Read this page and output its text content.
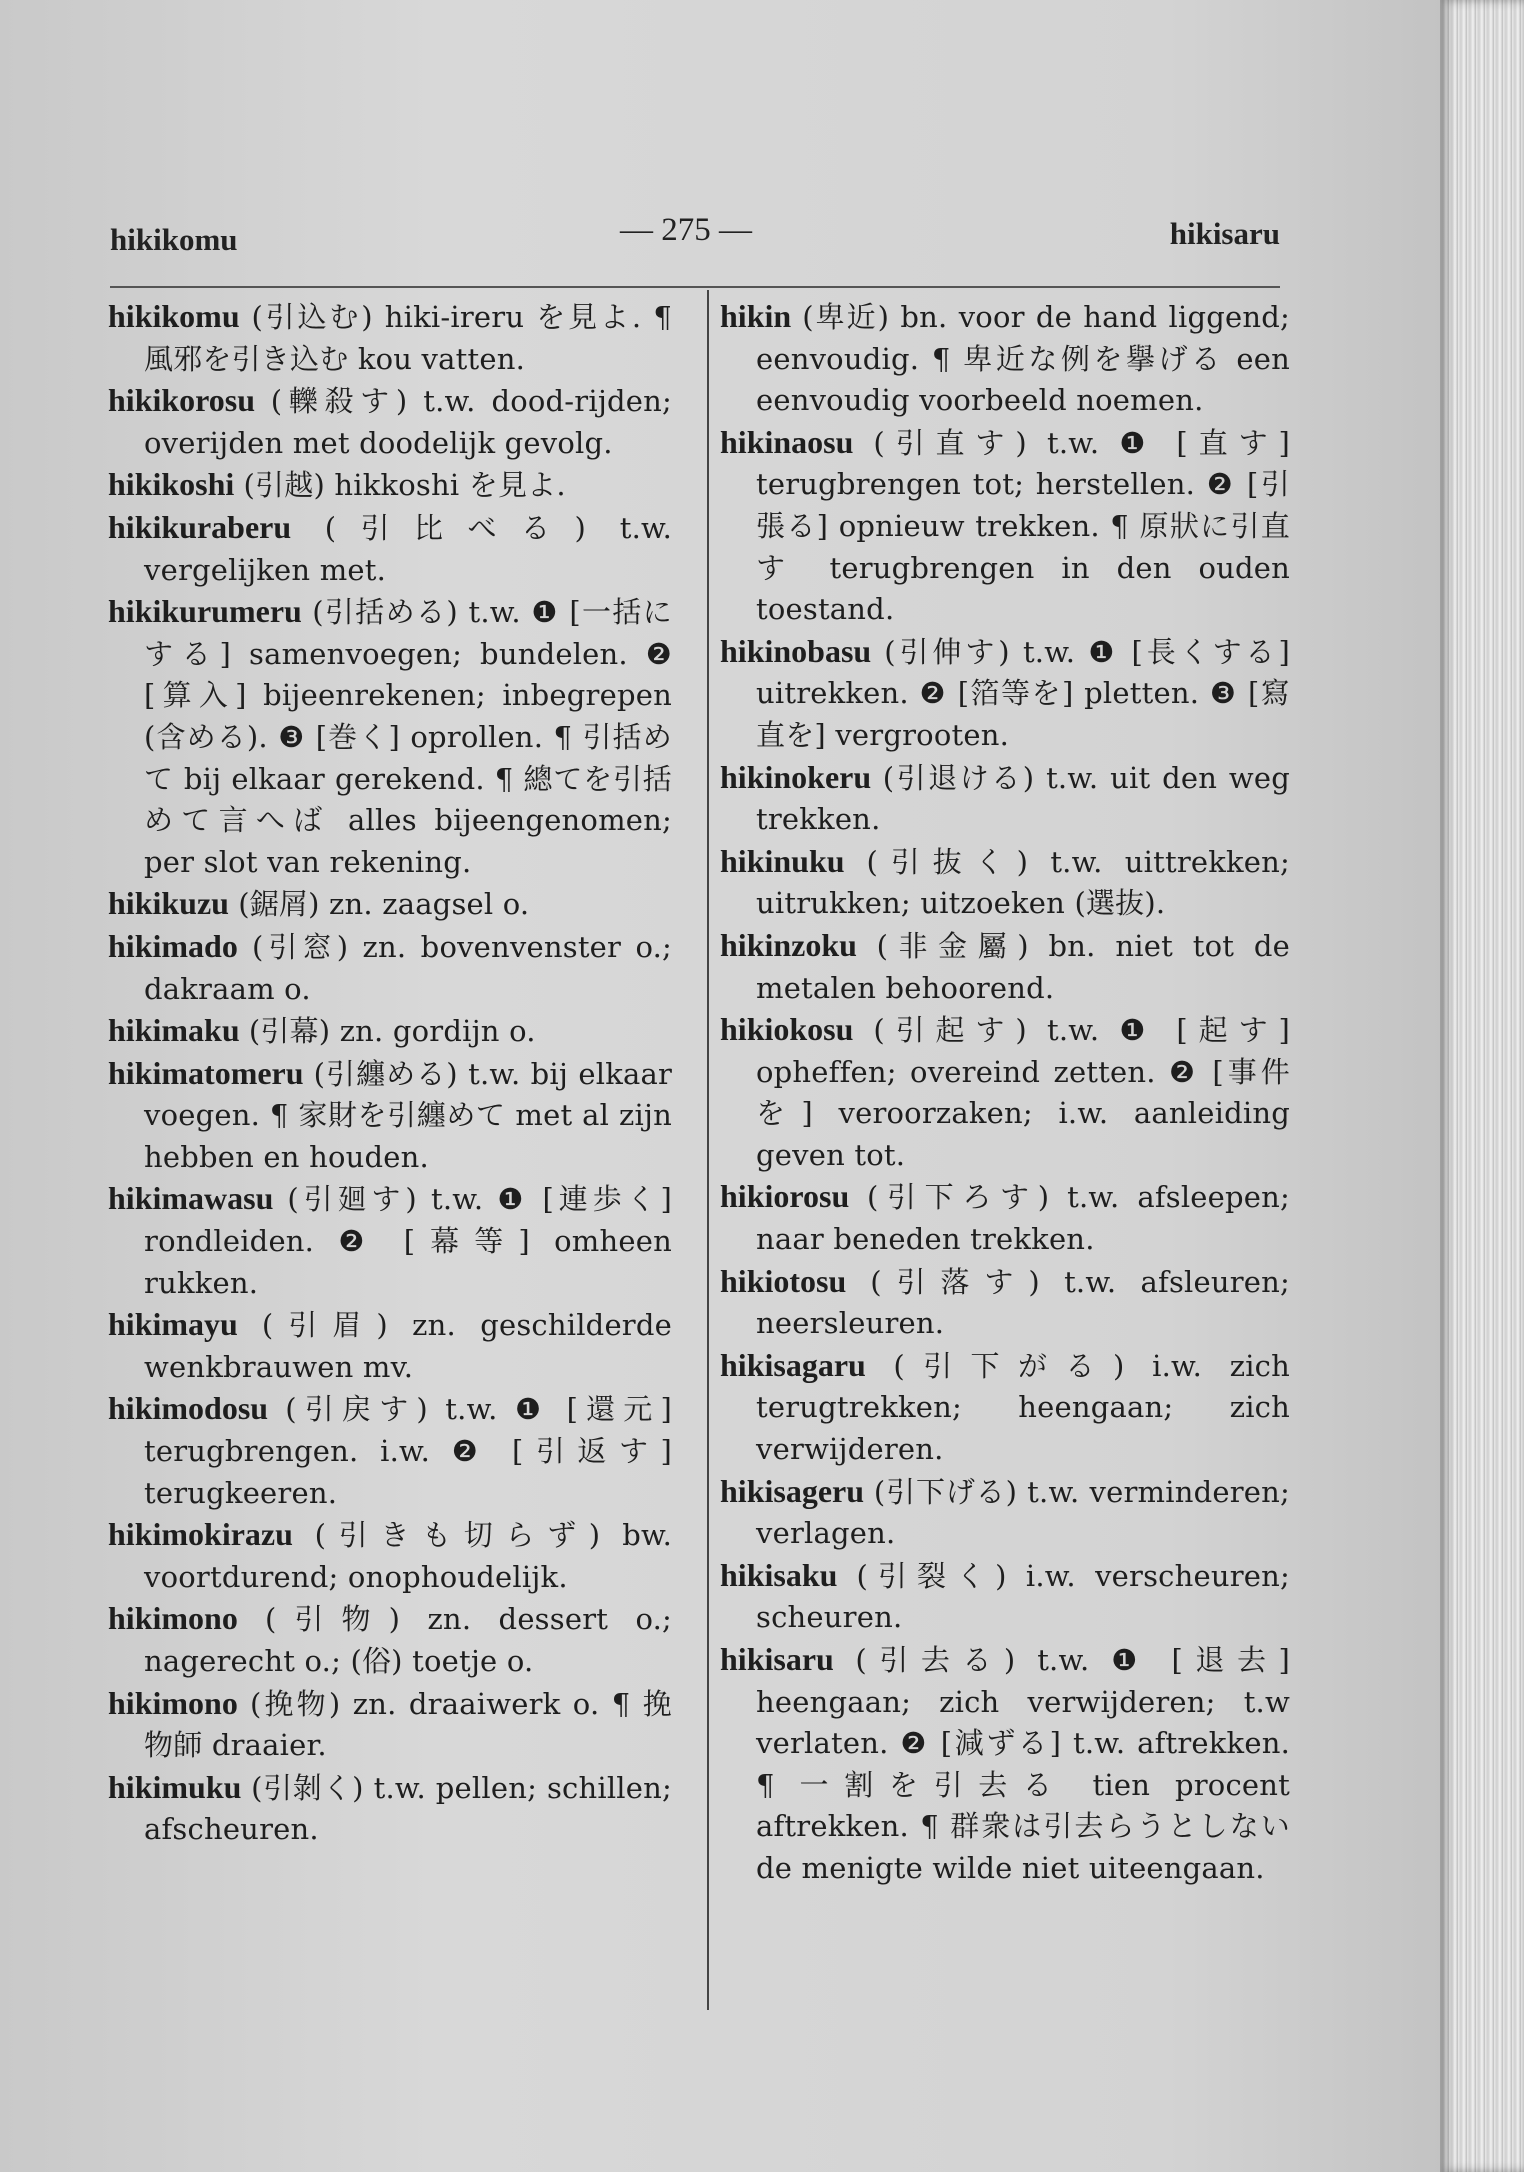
hikikomu	— 275 —	hikisaru

hikikomu (引込む) hiki-ireru を見よ. ¶ 風邪を引き込む kou vatten.

hikikorosu (轢殺す) t.w. dood-rijden; overijden met doodelijk gevolg.

hikikoshi (引越) hikkoshi を見よ.

hikikuraberu (引比べる) t.w. vergelijken met.

hikikurumeru (引括める) t.w. ❶ [一括にする] samenvoegen; bundelen. ❷ [算入] bijeenrekenen; inbegrepen (含める). ❸ [巻く] oprollen. ¶ 引括めて bij elkaar gerekend. ¶ 總てを引括めて言へば alles bijeengenomen; per slot van rekening.

hikikuzu (鋸屑) zn. zaagsel o.

hikimado (引窓) zn. bovenvenster o.; dakraam o.

hikimaku (引幕) zn. gordijn o.

hikimatomeru (引纏める) t.w. bij elkaar voegen. ¶ 家財を引纏めて met al zijn hebben en houden.

hikimawasu (引廻す) t.w. ❶ [連歩く] rondleiden. ❷ [幕等] omheen rukken.

hikimayu (引眉) zn. geschilderde wenkbrauwen mv.

hikimodosu (引戻す) t.w. ❶ [還元] terugbrengen. i.w. ❷ [引返す] terugkeeren.

hikimokirazu (引きも切らず) bw. voortdurend; onophoudelijk.

hikimono (引物) zn. dessert o.; nagerecht o.; (俗) toetje o.

hikimono (挽物) zn. draaiwerk o. ¶ 挽物師 draaier.

hikimuku (引剝く) t.w. pellen; schillen; afscheuren.

hikin (卑近) bn. voor de hand liggend; eenvoudig. ¶ 卑近な例を擧げる een eenvoudig voorbeeld noemen.

hikinaosu (引直す) t.w. ❶ [直す] terugbrengen tot; herstellen. ❷ [引張る] opnieuw trekken. ¶ 原狀に引直す terugbrengen in den ouden toestand.

hikinobasu (引伸す) t.w. ❶ [長くする] uitrekken. ❷ [箔等を] pletten. ❸ [寫直を] vergrooten.

hikinokeru (引退ける) t.w. uit den weg trekken.

hikinuku (引抜く) t.w. uittrekken; uitrukken; uitzoeken (選抜).

hikinzoku (非金屬) bn. niet tot de metalen behoorend.

hikiokosu (引起す) t.w. ❶ [起す] opheffen; overeind zetten. ❷ [事件を] veroorzaken; i.w. aanleiding geven tot.

hikiorosu (引下ろす) t.w. afsleepen; naar beneden trekken.

hikiotosu (引落す) t.w. afsleuren; neersleuren.

hikisagaru (引下がる) i.w. zich terugtrekken; heengaan; zich verwijderen.

hikisageru (引下げる) t.w. verminderen; verlagen.

hikisaku (引裂く) i.w. verscheuren; scheuren.

hikisaru (引去る) t.w. ❶ [退去] heengaan; zich verwijderen; t.w verlaten. ❷ [減ずる] t.w. aftrekken. ¶ 一割を引去る tien procent aftrekken. ¶ 群衆は引去らうとしない de menigte wilde niet uiteengaan.
